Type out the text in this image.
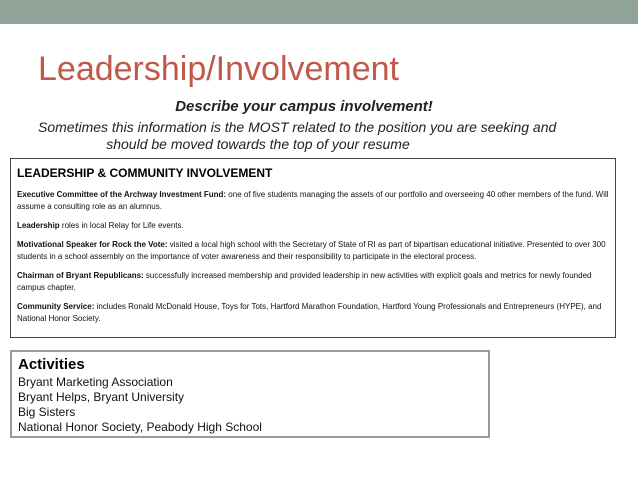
Leadership/Involvement
Describe your campus involvement!
Sometimes this information is the MOST related to the position you are seeking and
should be moved towards the top of your resume
LEADERSHIP & COMMUNITY INVOLVEMENT
Executive Committee of the Archway Investment Fund: one of five students managing the assets of our portfolio and overseeing 40 other members of the fund. Will assume a consulting role as an alumnus.
Leadership roles in local Relay for Life events.
Motivational Speaker for Rock the Vote: visited a local high school with the Secretary of State of RI as part of bipartisan educational initiative. Presented to over 300 students in a school assembly on the importance of voter awareness and their responsibility to participate in the electoral process.
Chairman of Bryant Republicans: successfully increased membership and provided leadership in new activities with explicit goals and metrics for newly founded campus chapter.
Community Service: includes Ronald McDonald House, Toys for Tots, Hartford Marathon Foundation, Hartford Young Professionals and Entrepreneurs (HYPE), and National Honor Society.
Activities
Bryant Marketing Association
Bryant Helps, Bryant University
Big Sisters
National Honor Society, Peabody High School
